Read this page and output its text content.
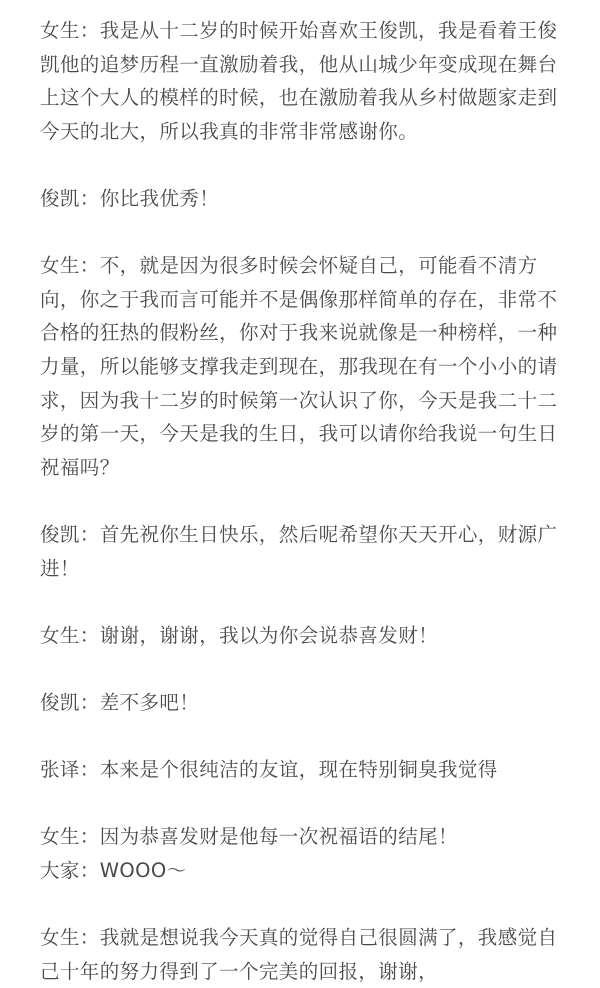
女生：我是从十二岁的时候开始喜欢王俊凯，我是看着王俊凯他的追梦历程一直激励着我，他从山城少年变成现在舞台上这个大人的模样的时候，也在激励着我从乡村做题家走到今天的北大，所以我真的非常非常感谢你。

俊凯：你比我优秀！

女生：不，就是因为很多时候会怀疑自己，可能看不清方向，你之于我而言可能并不是偶像那样简单的存在，非常不合格的狂热的假粉丝，你对于我来说就像是一种榜样，一种力量，所以能够支撑我走到现在，那我现在有一个小小的请求，因为我十二岁的时候第一次认识了你，今天是我二十二岁的第一天，今天是我的生日，我可以请你给我说一句生日祝福吗？

俊凯：首先祝你生日快乐，然后呢希望你天天开心，财源广进！

女生：谢谢，谢谢，我以为你会说恭喜发财！

俊凯：差不多吧！

张译：本来是个很纯洁的友谊，现在特别铜臭我觉得

女生：因为恭喜发财是他每一次祝福语的结尾！

大家：WOOO～

女生：我就是想说我今天真的觉得自己很圆满了，我感觉自己十年的努力得到了一个完美的回报，谢谢，
